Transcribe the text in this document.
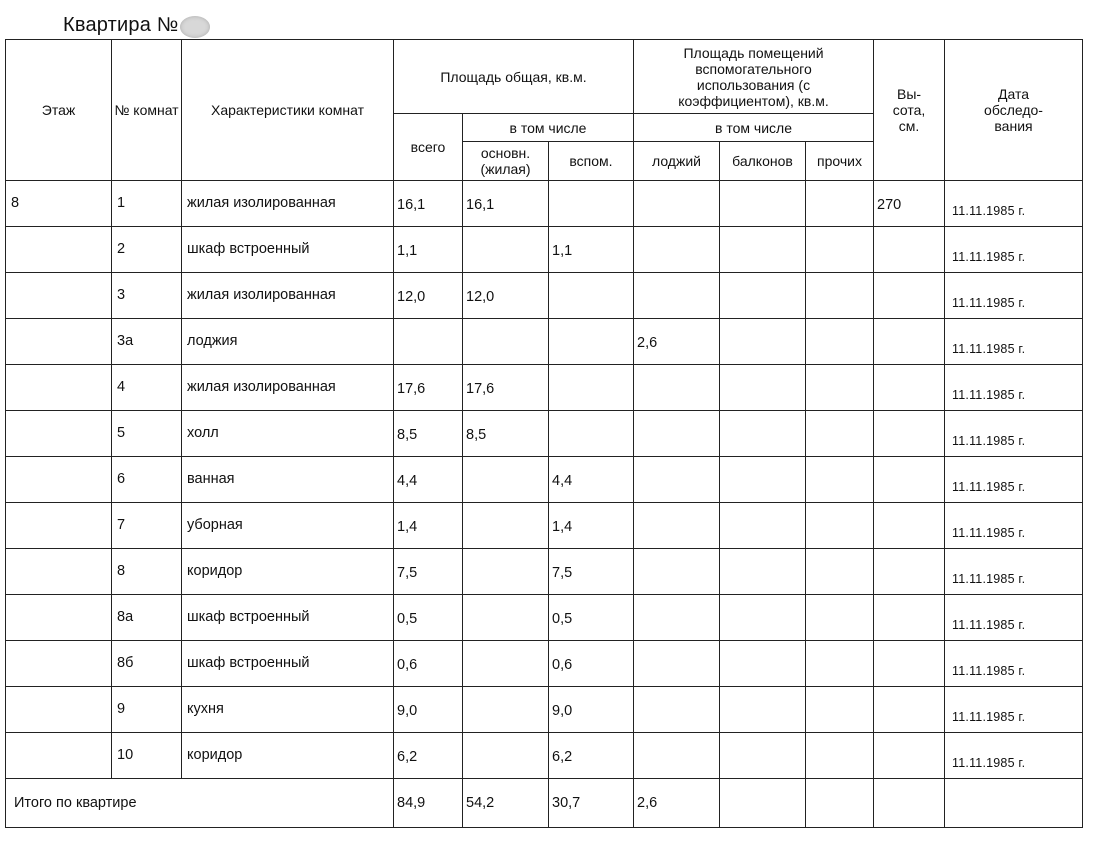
Квартира №
Этаж	№ комнат	Характеристики комнат	Площадь общая, кв.м.			Площадь помещений вспомогательного использования (с коэффициентом), кв.м.			Вы-сота, см.	Дата обследо-вания
			всего	в том числе		в том числе				
				основн. (жилая)	вспом.	лоджий	балконов	прочих		
8	1	жилая изолированная	16,1	16,1					270	11.11.1985 г.
	2	шкаф встроенный	1,1		1,1					11.11.1985 г.
	3	жилая изолированная	12,0	12,0						11.11.1985 г.
	3а	лоджия				2,6				11.11.1985 г.
	4	жилая изолированная	17,6	17,6						11.11.1985 г.
	5	холл	8,5	8,5						11.11.1985 г.
	6	ванная	4,4		4,4					11.11.1985 г.
	7	уборная	1,4		1,4					11.11.1985 г.
	8	коридор	7,5		7,5					11.11.1985 г.
	8а	шкаф встроенный	0,5		0,5					11.11.1985 г.
	8б	шкаф встроенный	0,6		0,6					11.11.1985 г.
	9	кухня	9,0		9,0					11.11.1985 г.
	10	коридор	6,2		6,2					11.11.1985 г.
Итого по квартире			84,9	54,2	30,7	2,6				
